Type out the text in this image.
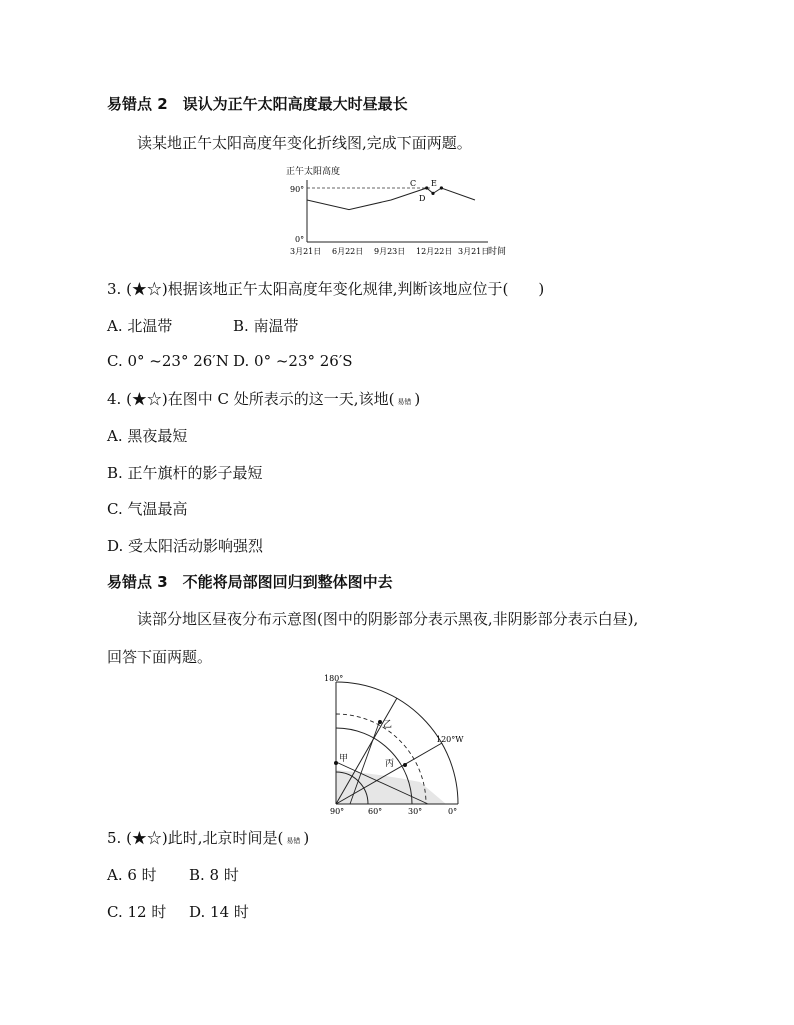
易错点 2　误认为正午太阳高度最大时昼最长
读某地正午太阳高度年变化折线图,完成下面两题。
正午太阳高度
90°
0°
3月21日 6月22日 9月23日 12月22日 3月21日
C
D
E
时间
3. (★☆)根据该地正午太阳高度年变化规律,判断该地应位于(　　)
A. 北温带	B. 南温带
C. 0° ~23° 26′N D. 0° ~23° 26′S
4. (★☆)在图中 C 处所表示的这一天,该地( 易错 )
A. 黑夜最短
B. 正午旗杆的影子最短
C. 气温最高
D. 受太阳活动影响强烈
易错点 3　不能将局部图回归到整体图中去
读部分地区昼夜分布示意图(图中的阴影部分表示黑夜,非阴影部分表示白昼),
回答下面两题。
180°
120°W
90°	60°	30°	0°
甲
乙
丙
5. (★☆)此时,北京时间是( 易错 )
A. 6 时 B. 8 时
C. 12 时 D. 14 时
